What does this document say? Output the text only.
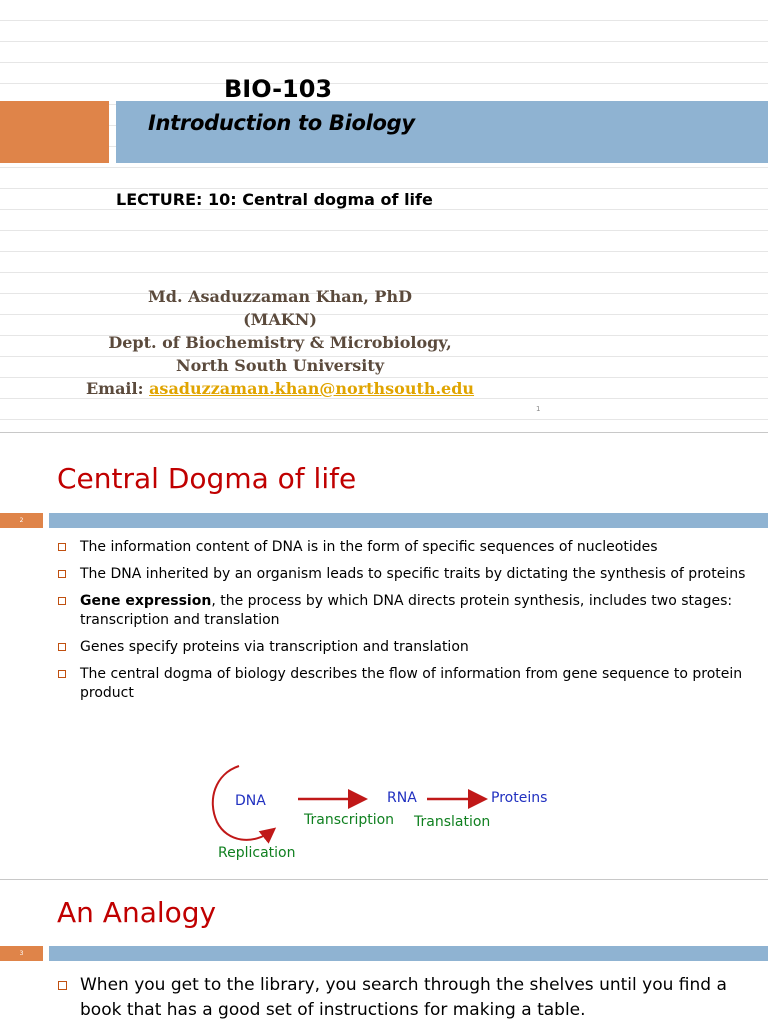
BIO-103
Introduction to Biology
LECTURE: 10: Central dogma of life
Md. Asaduzzaman Khan, PhD
(MAKN)
Dept. of Biochemistry & Microbiology,
North South University
Email: asaduzzaman.khan@northsouth.edu
1
Central Dogma of life
2
The information content of DNA is in the form of specific sequences of nucleotides
The DNA inherited by an organism leads to specific traits by dictating the synthesis of proteins
Gene expression, the process by which DNA directs protein synthesis, includes two stages: transcription and translation
Genes specify proteins via transcription and translation
The central dogma of biology describes the flow of information from gene sequence to protein product
DNA	RNA	Proteins
Transcription Translation
Replication
An Analogy
3
When you get to the library, you search through the shelves until you find a book that has a good set of instructions for making a table.
